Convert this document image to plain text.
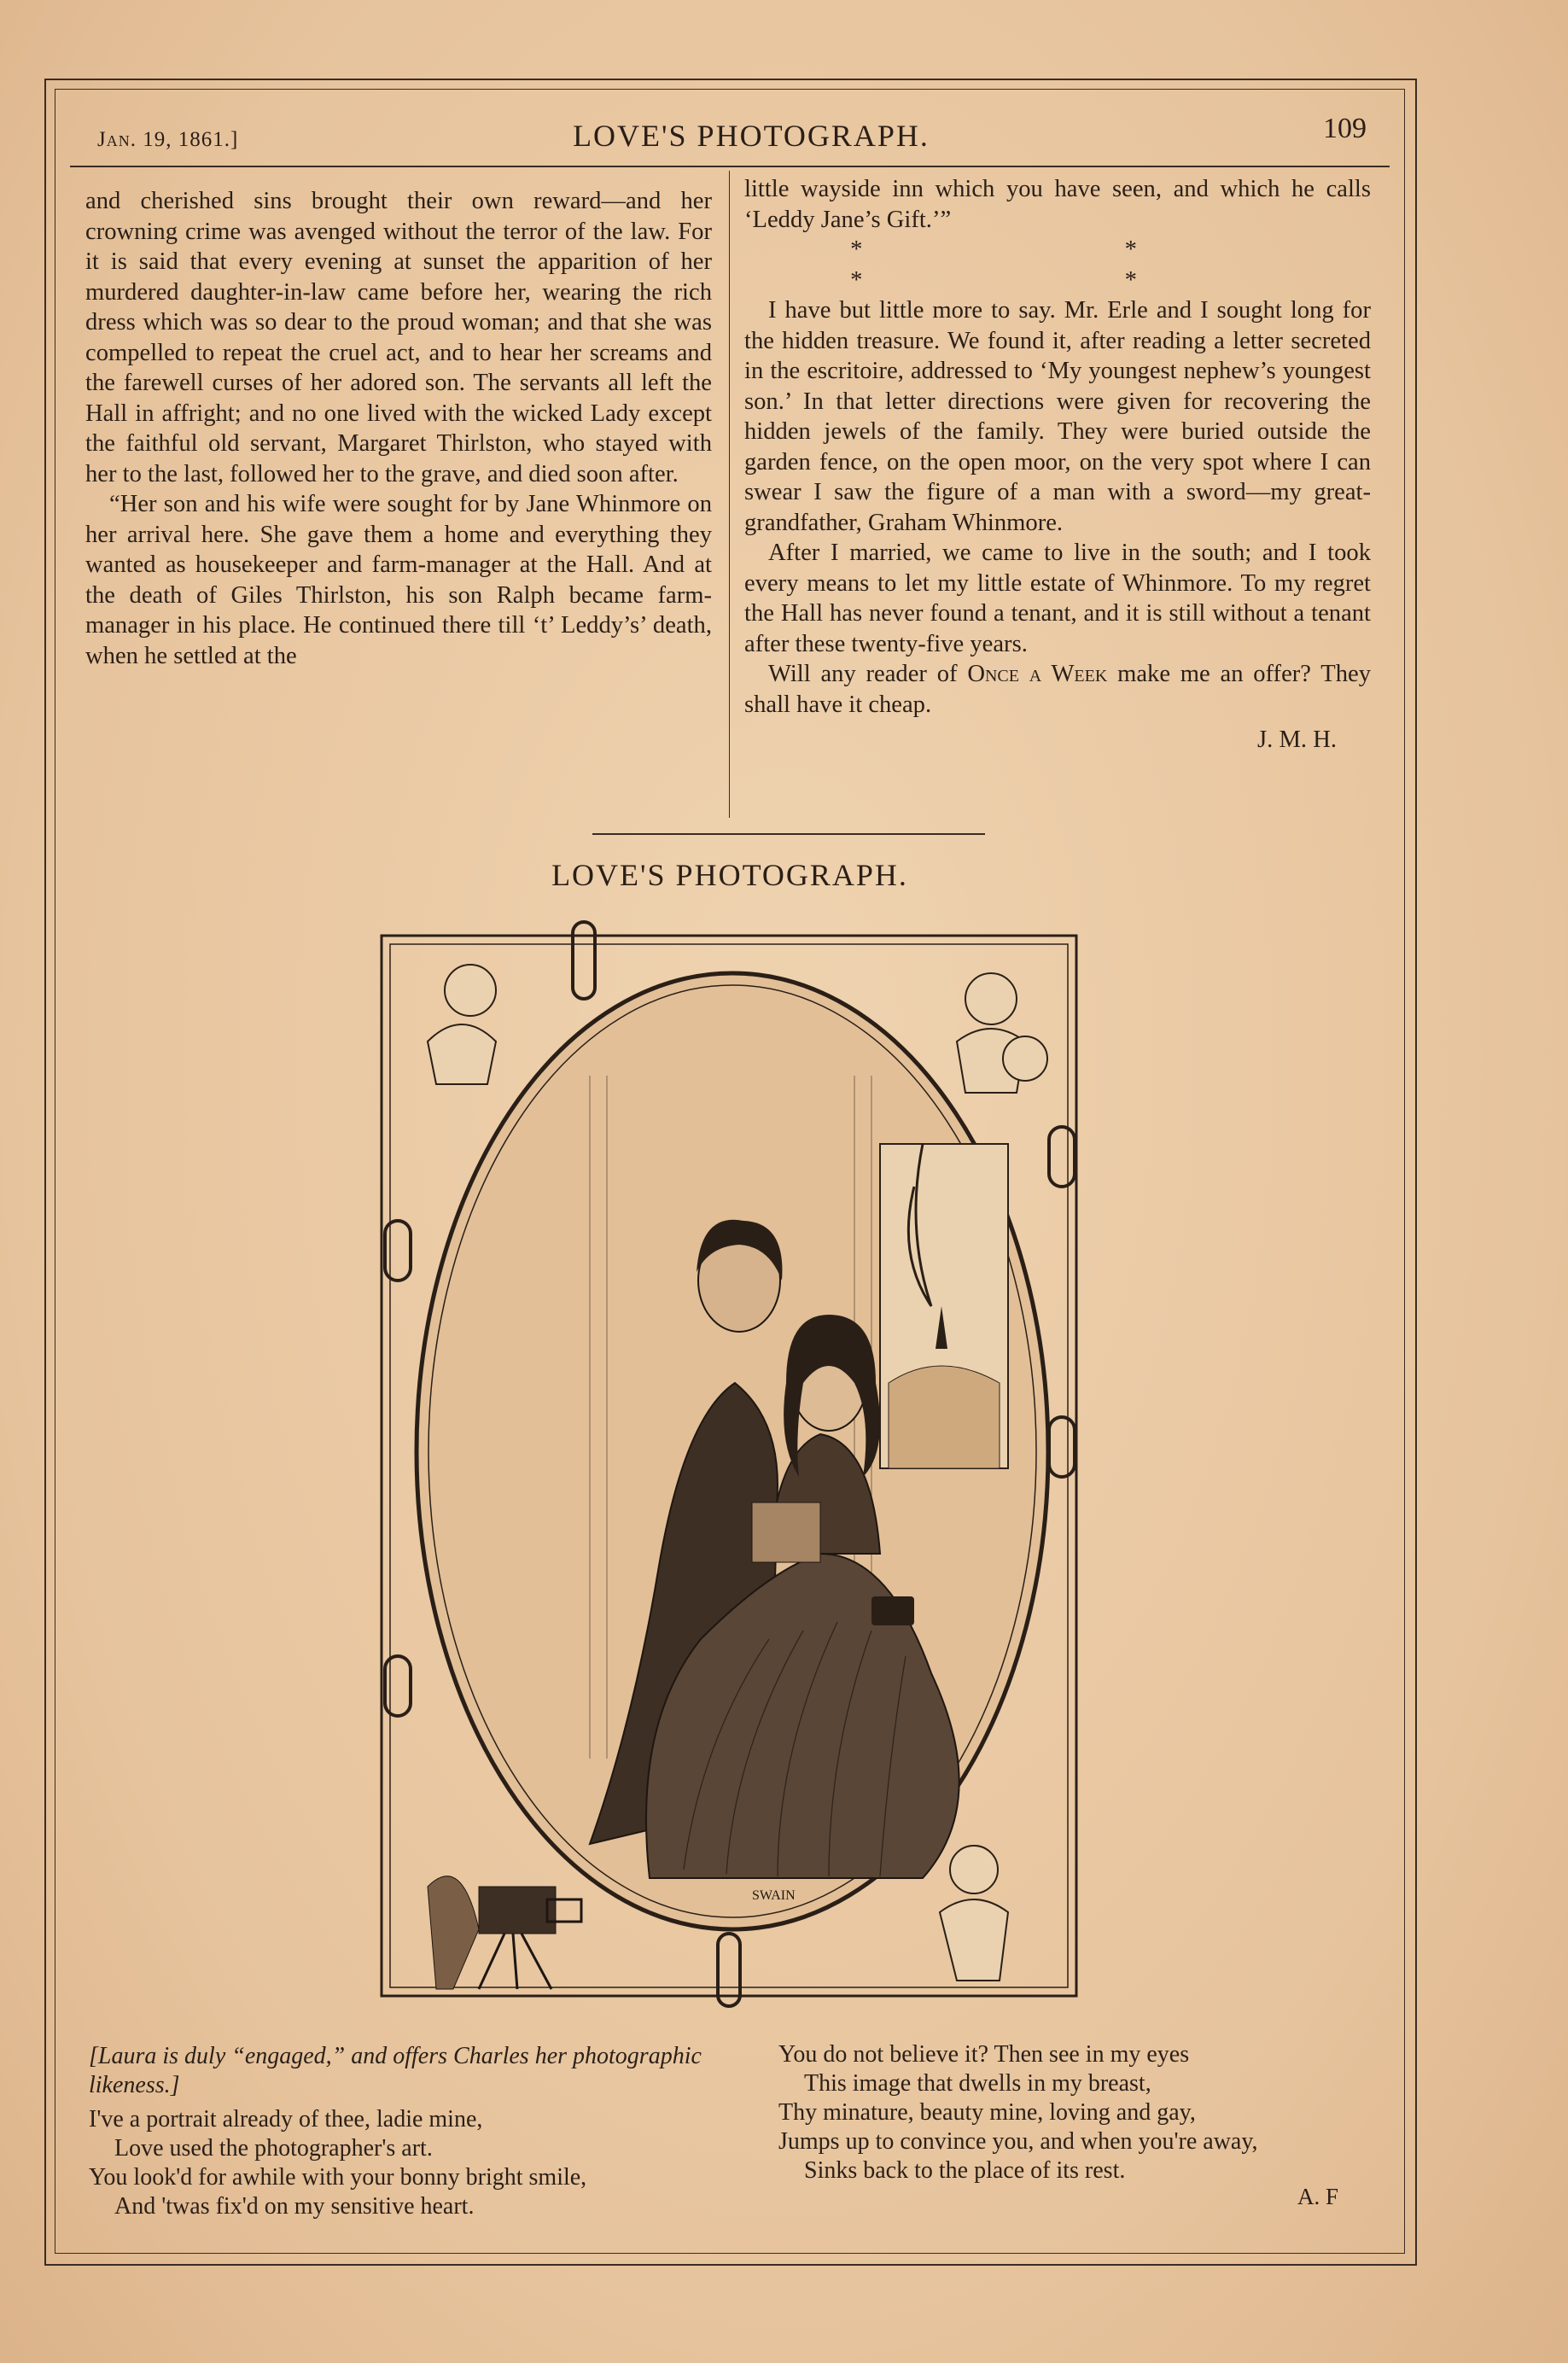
Jan. 19, 1861.]	LOVE'S PHOTOGRAPH.	109

and cherished sins brought their own reward—and her crowning crime was avenged without the terror of the law. For it is said that every evening at sunset the apparition of her murdered daughter-in-law came before her, wearing the rich dress which was so dear to the proud woman; and that she was compelled to repeat the cruel act, and to hear her screams and the farewell curses of her adored son. The servants all left the Hall in affright; and no one lived with the wicked Lady except the faithful old servant, Margaret Thirlston, who stayed with her to the last, followed her to the grave, and died soon after.

“Her son and his wife were sought for by Jane Whinmore on her arrival here. She gave them a home and everything they wanted as housekeeper and farm-manager at the Hall. And at the death of Giles Thirlston, his son Ralph became farm-manager in his place. He continued there till ‘t’ Leddy’s’ death, when he settled at the

little wayside inn which you have seen, and which he calls ‘Leddy Jane’s Gift.’”

* * * *

I have but little more to say. Mr. Erle and I sought long for the hidden treasure. We found it, after reading a letter secreted in the escritoire, addressed to ‘My youngest nephew’s youngest son.’ In that letter directions were given for recovering the hidden jewels of the family. They were buried outside the garden fence, on the open moor, on the very spot where I can swear I saw the figure of a man with a sword—my great-grandfather, Graham Whinmore.

After I married, we came to live in the south; and I took every means to let my little estate of Whinmore. To my regret the Hall has never found a tenant, and it is still without a tenant after these twenty-five years.

Will any reader of Once a Week make me an offer? They shall have it cheap.

J. M. H.

LOVE'S PHOTOGRAPH.
SWAIN

[Laura is duly “engaged,” and offers Charles her photographic likeness.]

I've a portrait already of thee, ladie mine,

Love used the photographer's art.

You look'd for awhile with your bonny bright smile,

And 'twas fix'd on my sensitive heart.

You do not believe it? Then see in my eyes

This image that dwells in my breast,

Thy minature, beauty mine, loving and gay,

Jumps up to convince you, and when you're away,

Sinks back to the place of its rest.

A. F
